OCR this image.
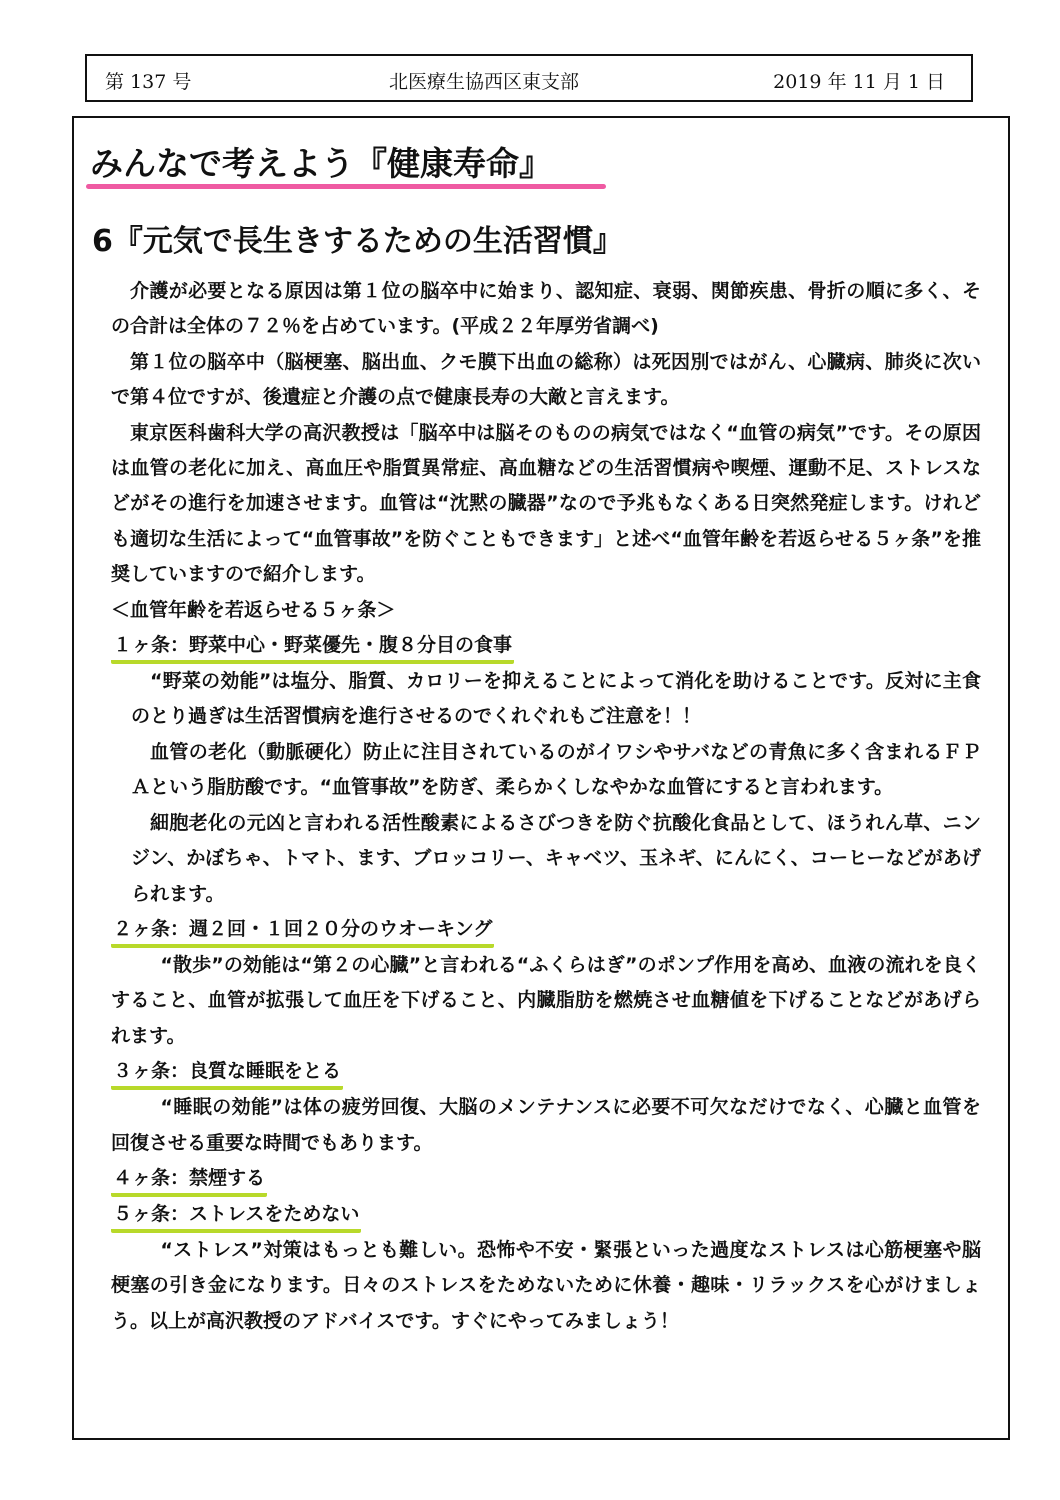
第 137 号	北医療生協西区東支部	2019 年 11 月 1 日
みんなで考えよう『健康寿命』
6『元気で長生きするための生活習慣』

介護が必要となる原因は第１位の脳卒中に始まり、認知症、衰弱、関節疾患、骨折の順に多く、その合計は全体の７２％を占めています。(平成２２年厚労省調べ)

第１位の脳卒中（脳梗塞、脳出血、クモ膜下出血の総称）は死因別ではがん、心臓病、肺炎に次いで第４位ですが、後遺症と介護の点で健康長寿の大敵と言えます。

東京医科歯科大学の高沢教授は「脳卒中は脳そのものの病気ではなく“血管の病気”です。その原因は血管の老化に加え、高血圧や脂質異常症、高血糖などの生活習慣病や喫煙、運動不足、ストレスなどがその進行を加速させます。血管は“沈黙の臓器”なので予兆もなくある日突然発症します。けれども適切な生活によって“血管事故”を防ぐこともできます」と述べ“血管年齢を若返らせる５ヶ条”を推奨していますので紹介します。

＜血管年齢を若返らせる５ヶ条＞

１ヶ条：野菜中心・野菜優先・腹８分目の食事

“野菜の効能”は塩分、脂質、カロリーを抑えることによって消化を助けることです。反対に主食のとり過ぎは生活習慣病を進行させるのでくれぐれもご注意を！！

血管の老化（動脈硬化）防止に注目されているのがイワシやサバなどの青魚に多く含まれるＦＰＡという脂肪酸です。“血管事故”を防ぎ、柔らかくしなやかな血管にすると言われます。

細胞老化の元凶と言われる活性酸素によるさびつきを防ぐ抗酸化食品として、ほうれん草、ニンジン、かぼちゃ、トマト、ます、ブロッコリー、キャベツ、玉ネギ、にんにく、コーヒーなどがあげられます。

２ヶ条：週２回・１回２０分のウオーキング

“散歩”の効能は“第２の心臓”と言われる“ふくらはぎ”のポンプ作用を高め、血液の流れを良くすること、血管が拡張して血圧を下げること、内臓脂肪を燃焼させ血糖値を下げることなどがあげられます。

３ヶ条：良質な睡眠をとる

“睡眠の効能”は体の疲労回復、大脳のメンテナンスに必要不可欠なだけでなく、心臓と血管を回復させる重要な時間でもあります。

４ヶ条：禁煙する

５ヶ条：ストレスをためない

“ストレス”対策はもっとも難しい。恐怖や不安・緊張といった過度なストレスは心筋梗塞や脳梗塞の引き金になります。日々のストレスをためないために休養・趣味・リラックスを心がけましょう。以上が高沢教授のアドバイスです。すぐにやってみましょう！
